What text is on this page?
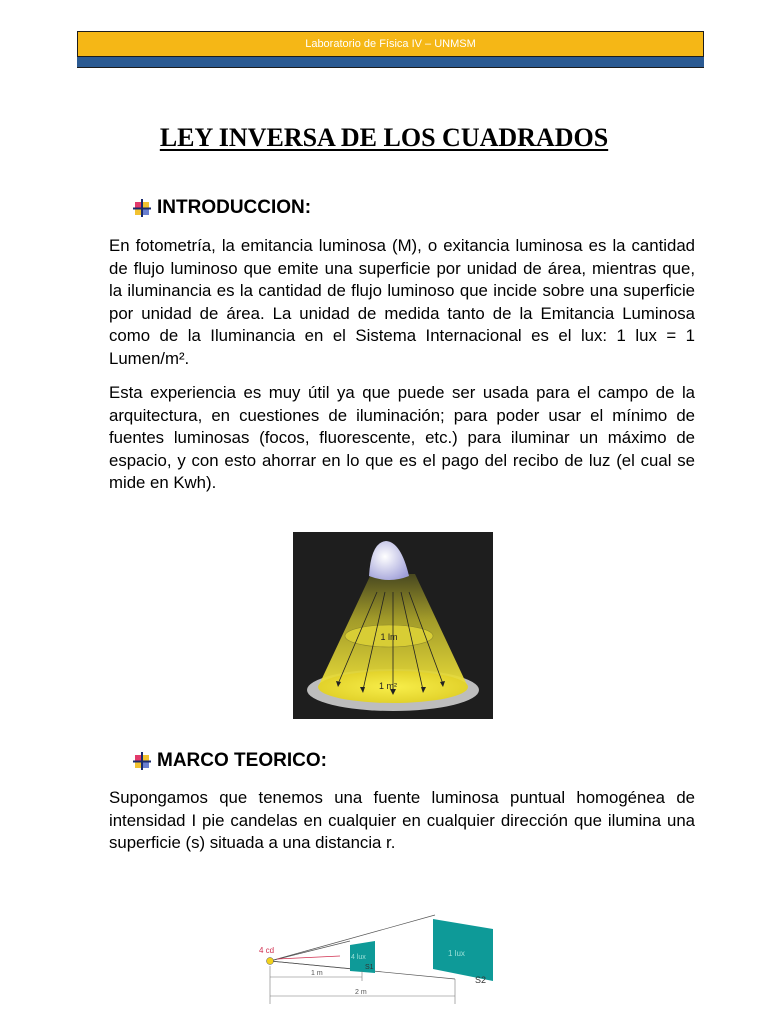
Laboratorio de Física IV – UNMSM
LEY INVERSA DE LOS CUADRADOS
INTRODUCCION:

En fotometría, la emitancia luminosa (M), o exitancia luminosa es la cantidad de flujo luminoso que emite una superficie por unidad de área, mientras que, la iluminancia es la cantidad de flujo luminoso que incide sobre una superficie por unidad de área. La unidad de medida tanto de la Emitancia Luminosa como de la Iluminancia en el Sistema Internacional es el lux: 1 lux = 1 Lumen/m².

Esta experiencia es muy útil ya que puede ser usada para el campo de la arquitectura, en cuestiones de iluminación; para poder usar el mínimo de fuentes luminosas (focos, fluorescente, etc.) para iluminar un máximo de espacio, y con esto ahorrar en lo que es el pago del recibo de luz (el cual se mide en Kwh).

1 lm
1 m²
MARCO TEORICO:

Supongamos que tenemos una fuente luminosa puntual homogénea de intensidad I pie candelas en cualquier en cualquier dirección que ilumina una superficie (s) situada a una distancia r.

4 cd
4 lux	1 lux
S1
S2
1 m
2 m
